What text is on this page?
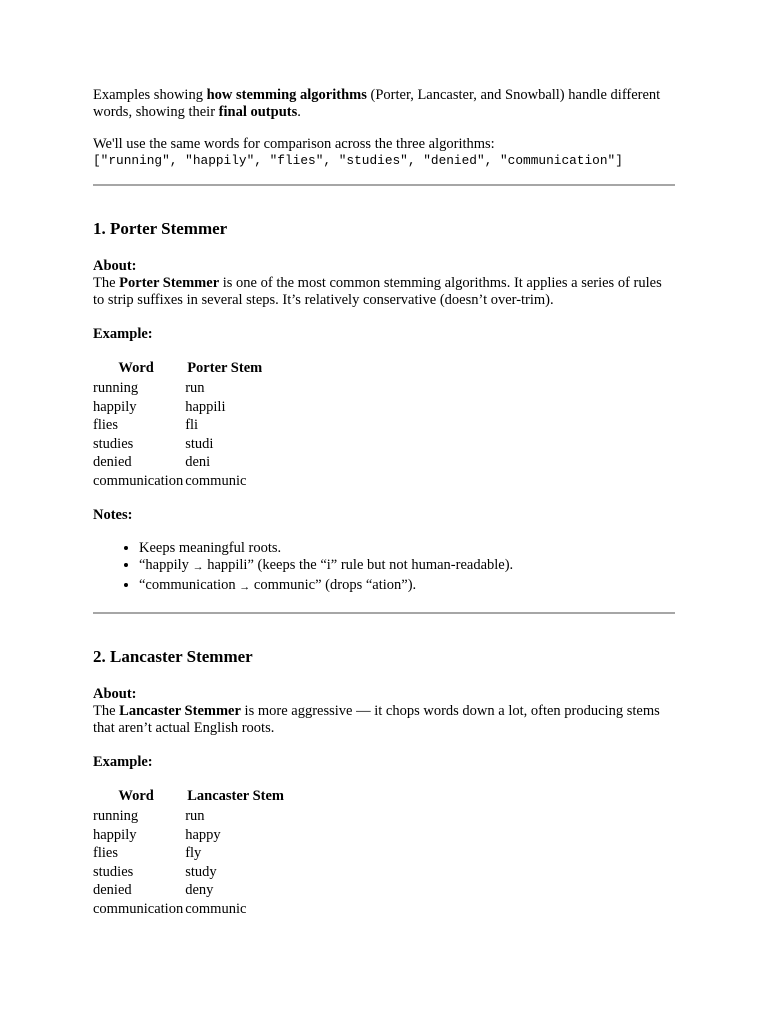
Examples showing how stemming algorithms (Porter, Lancaster, and Snowball) handle different words, showing their final outputs.

We'll use the same words for comparison across the three algorithms:

["running", "happily", "flies", "studies", "denied", "communication"]
1. Porter Stemmer

About:

The Porter Stemmer is one of the most common stemming algorithms. It applies a series of rules to strip suffixes in several steps. It’s relatively conservative (doesn’t over-trim).

Example:

Word	Porter Stem
running	run
happily	happili
flies	fli
studies	studi
denied	deni
communication	communic

Notes:

• Keeps meaningful roots.
• “happily → happili” (keeps the “i” rule but not human-readable).
• “communication → communic” (drops “ation”).
2. Lancaster Stemmer

About:

The Lancaster Stemmer is more aggressive — it chops words down a lot, often producing stems that aren’t actual English roots.

Example:

Word	Lancaster Stem
running	run
happily	happy
flies	fly
studies	study
denied	deny
communication	communic
